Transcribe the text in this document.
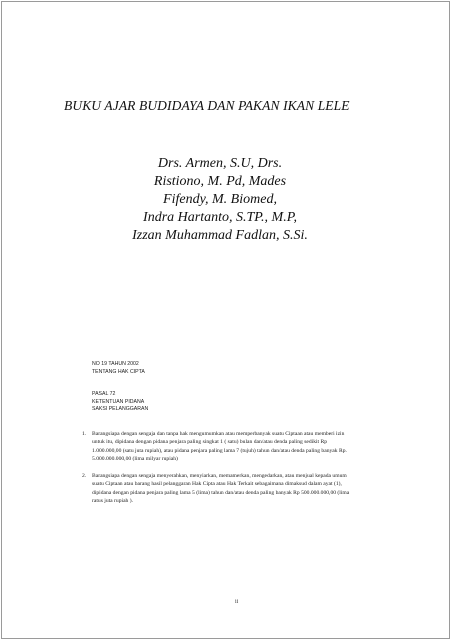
BUKU AJAR BUDIDAYA DAN PAKAN IKAN LELE
Drs. Armen, S.U, Drs.
Ristiono, M. Pd, Mades
Fifendy, M. Biomed,
Indra Hartanto, S.TP., M.P,
Izzan Muhammad Fadlan, S.Si.
NO 19 TAHUN 2002
TENTANG HAK CIPTA
PASAL 72
KETENTUAN PIDANA
SAKSI PELANGGARAN
1. Barangsiapa dengan sengaja dan tanpa hak mengumumkan atau memperbanyak suatu Ciptaan atau memberi izin
untuk itu, dipidana dengan pidana penjara paling singkat 1 ( satu) bulan dan/atau denda paling sedikit Rp
1.000.000,00 (satu juta rupiah), atau pidana penjara paling lama 7 (tujuh) tahun dan/atau denda paling banyak Rp.
5.000.000.000,00 (lima milyar rupiah)
2. Barangsiapa dengan sengaja menyerahkan, menyiarkan, memamerkan, mengedarkan, atau menjual kepada umum
suatu Ciptaan atau barang hasil pelanggaran Hak Cipta atau Hak Terkait sebagaimana dimaksud dalam ayat (1),
dipidana dengan pidana penjara paling lama 5 (lima) tahun dan/atau denda paling banyak Rp 500.000.000,00 (lima
ratus juta rupiah ).
ii
